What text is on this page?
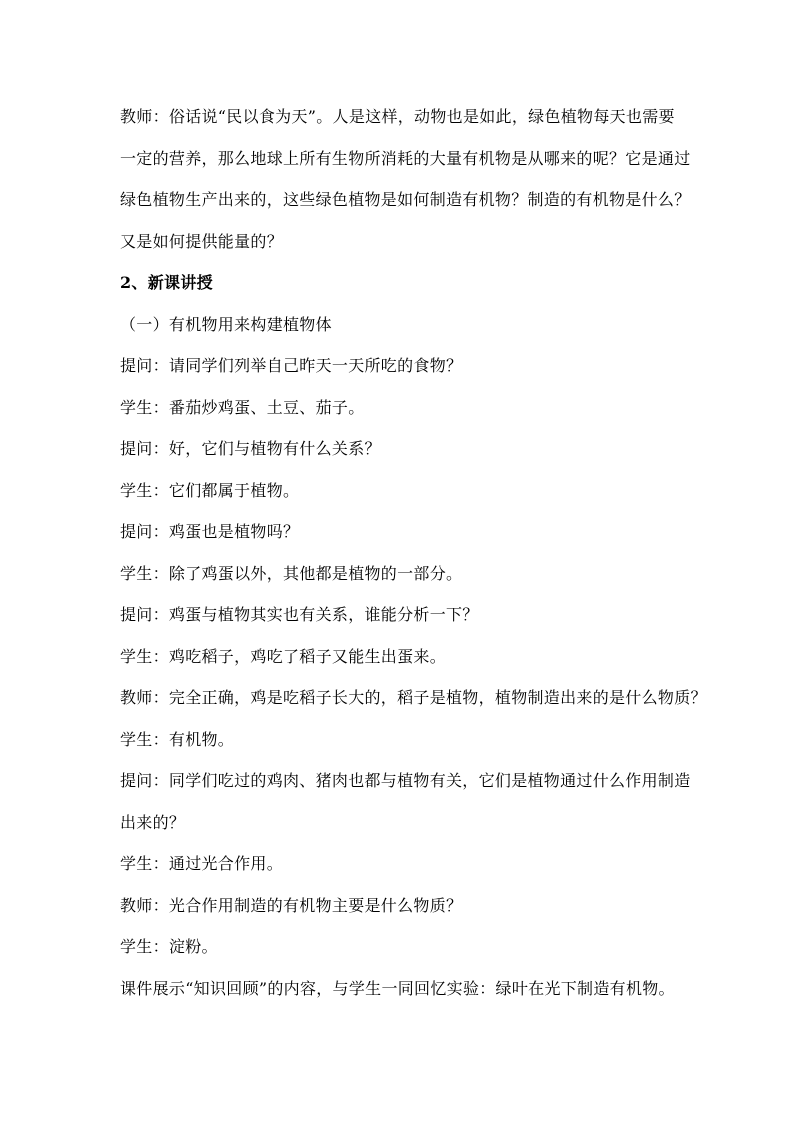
教师：俗话说“民以食为天”。人是这样，动物也是如此，绿色植物每天也需要
一定的营养，那么地球上所有生物所消耗的大量有机物是从哪来的呢？它是通过
绿色植物生产出来的，这些绿色植物是如何制造有机物？制造的有机物是什么？
又是如何提供能量的？
2、新课讲授
（一）有机物用来构建植物体
提问：请同学们列举自己昨天一天所吃的食物？
学生：番茄炒鸡蛋、土豆、茄子。
提问：好，它们与植物有什么关系？
学生：它们都属于植物。
提问：鸡蛋也是植物吗？
学生：除了鸡蛋以外，其他都是植物的一部分。
提问：鸡蛋与植物其实也有关系，谁能分析一下？
学生：鸡吃稻子，鸡吃了稻子又能生出蛋来。
教师：完全正确，鸡是吃稻子长大的，稻子是植物，植物制造出来的是什么物质？
学生：有机物。
提问：同学们吃过的鸡肉、猪肉也都与植物有关，它们是植物通过什么作用制造
出来的？
学生：通过光合作用。
教师：光合作用制造的有机物主要是什么物质？
学生：淀粉。
课件展示“知识回顾”的内容，与学生一同回忆实验：绿叶在光下制造有机物。
